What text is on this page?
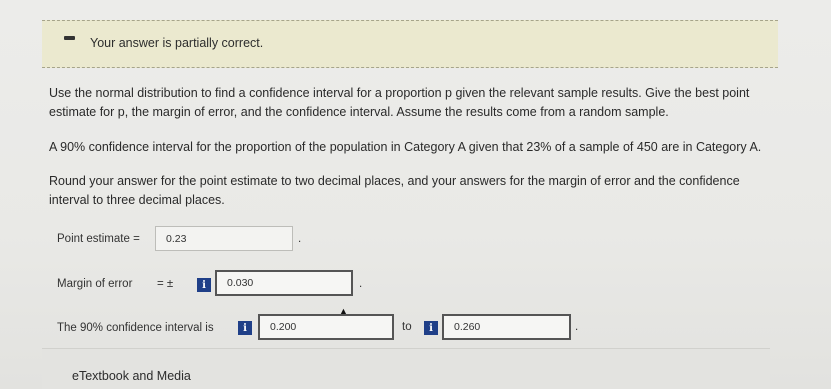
Your answer is partially correct.

Use the normal distribution to find a confidence interval for a proportion p given the relevant sample results. Give the best point estimate for p, the margin of error, and the confidence interval. Assume the results come from a random sample.

A 90% confidence interval for the proportion of the population in Category A given that 23% of a sample of 450 are in Category A.

Round your answer for the point estimate to two decimal places, and your answers for the margin of error and the confidence interval to three decimal places.

Point estimate = 0.23	.
Margin of error = ±	i	0.030	.
The 90% confidence interval is	i	0.200	to	i	0.260	.
▲
eTextbook and Media
